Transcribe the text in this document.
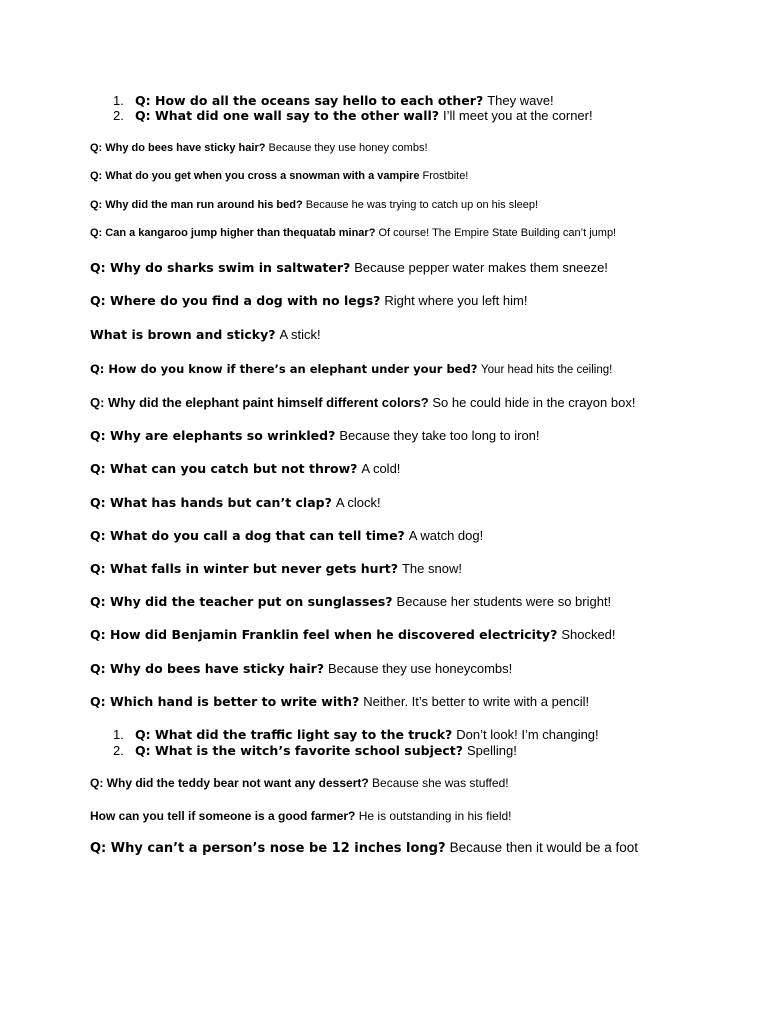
1. Q: How do all the oceans say hello to each other? They wave!

2. Q: What did one wall say to the other wall? I’ll meet you at the corner!

Q: Why do bees have sticky hair? Because they use honey combs!

Q: What do you get when you cross a snowman with a vampire Frostbite!

Q: Why did the man run around his bed? Because he was trying to catch up on his sleep!

Q: Can a kangaroo jump higher than thequatab minar? Of course! The Empire State Building can’t jump!

Q: Why do sharks swim in saltwater? Because pepper water makes them sneeze!

Q: Where do you find a dog with no legs? Right where you left him!

What is brown and sticky? A stick!

Q: How do you know if there’s an elephant under your bed? Your head hits the ceiling!

Q: Why did the elephant paint himself different colors? So he could hide in the crayon box!

Q: Why are elephants so wrinkled? Because they take too long to iron!

Q: What can you catch but not throw? A cold!

Q: What has hands but can’t clap? A clock!

Q: What do you call a dog that can tell time? A watch dog!

Q: What falls in winter but never gets hurt? The snow!

Q: Why did the teacher put on sunglasses? Because her students were so bright!

Q: How did Benjamin Franklin feel when he discovered electricity? Shocked!

Q: Why do bees have sticky hair? Because they use honeycombs!

Q: Which hand is better to write with? Neither. It’s better to write with a pencil!

1. Q: What did the traffic light say to the truck? Don’t look! I’m changing!

2. Q: What is the witch’s favorite school subject? Spelling!

Q: Why did the teddy bear not want any dessert? Because she was stuffed!

How can you tell if someone is a good farmer? He is outstanding in his field!

Q: Why can’t a person’s nose be 12 inches long? Because then it would be a foot
